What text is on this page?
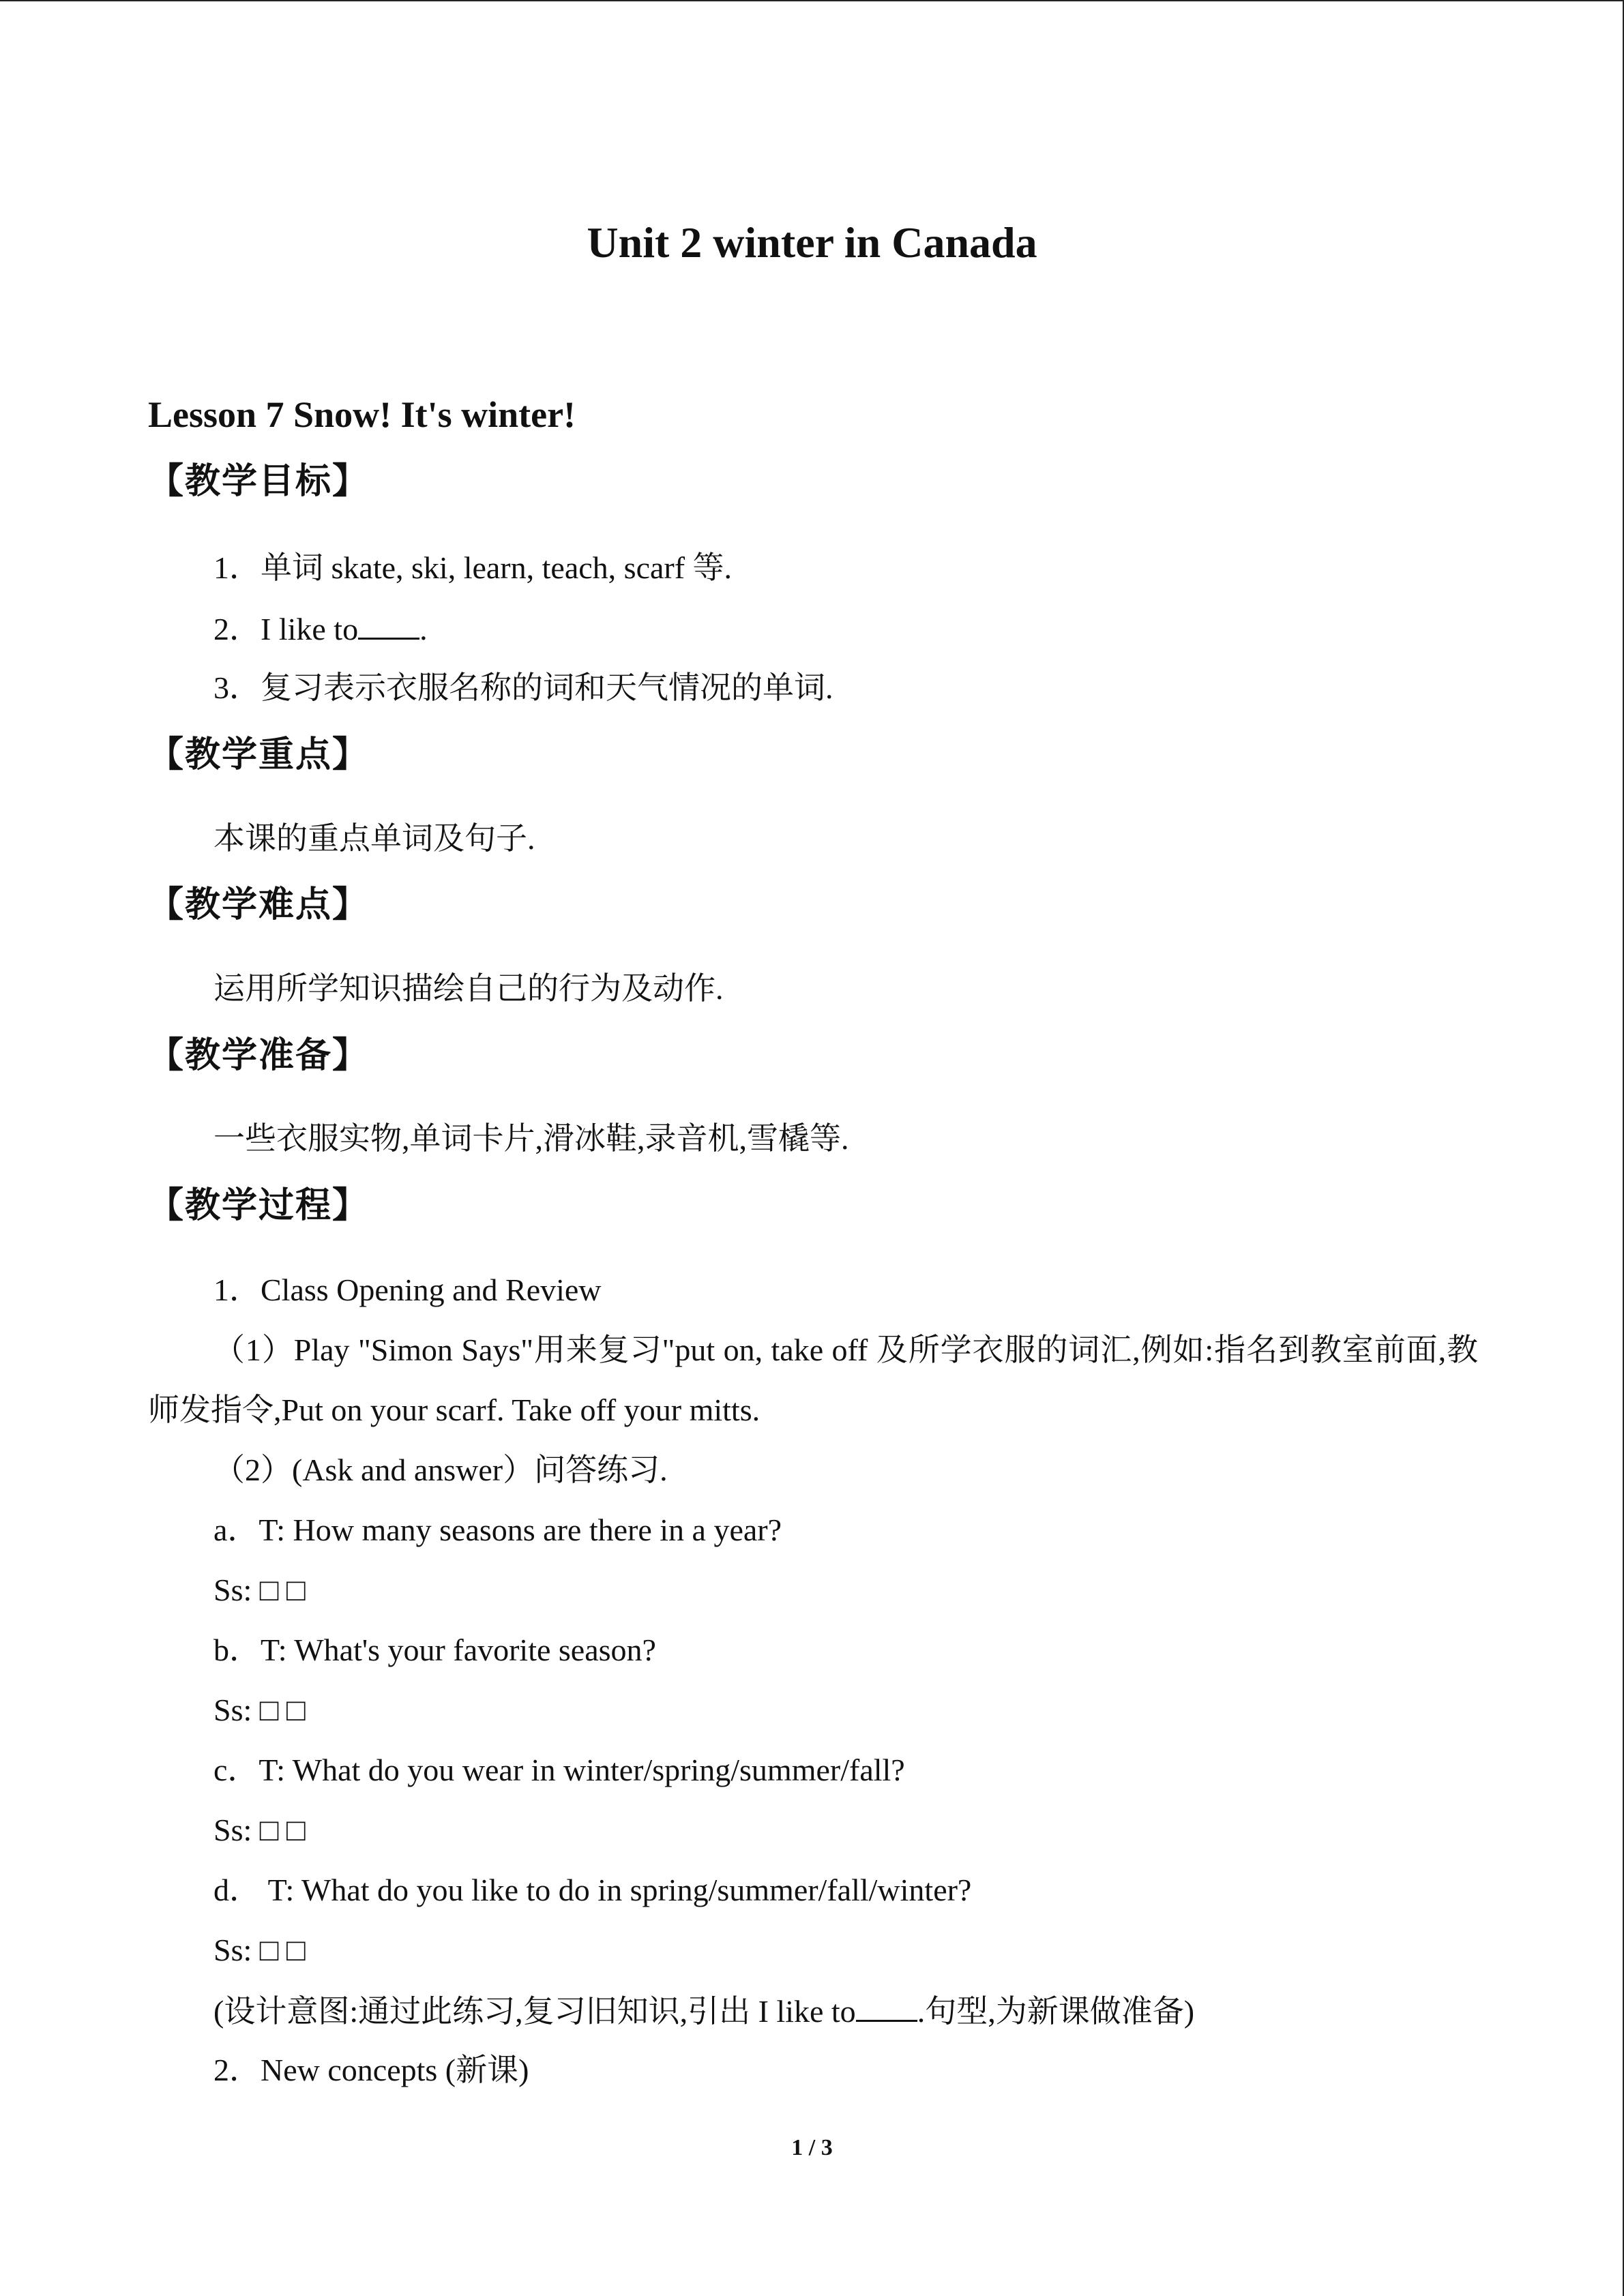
Unit 2 winter in Canada
Lesson 7 Snow! It's winter!
【教学目标】
1．单词 skate, ski, learn, teach, scarf 等.
2．I like to .
3．复习表示衣服名称的词和天气情况的单词.
【教学重点】
本课的重点单词及句子.
【教学难点】
运用所学知识描绘自己的行为及动作.
【教学准备】
一些衣服实物,单词卡片,滑冰鞋,录音机,雪橇等.
【教学过程】
1．Class Opening and Review
（1）Play "Simon Says"用来复习"put on, take off 及所学衣服的词汇,例如:指名到教室前面,教师发指令,Put on your scarf. Take off your mitts.
（2）(Ask and answer）问答练习.
a．T: How many seasons are there in a year?
Ss: □ □
b．T: What's your favorite season?
Ss: □ □
c．T: What do you wear in winter/spring/summer/fall?
Ss: □ □
d． T: What do you like to do in spring/summer/fall/winter?
Ss: □ □
(设计意图:通过此练习,复习旧知识,引出 I like to .句型,为新课做准备)
2．New concepts (新课)
1 / 3
